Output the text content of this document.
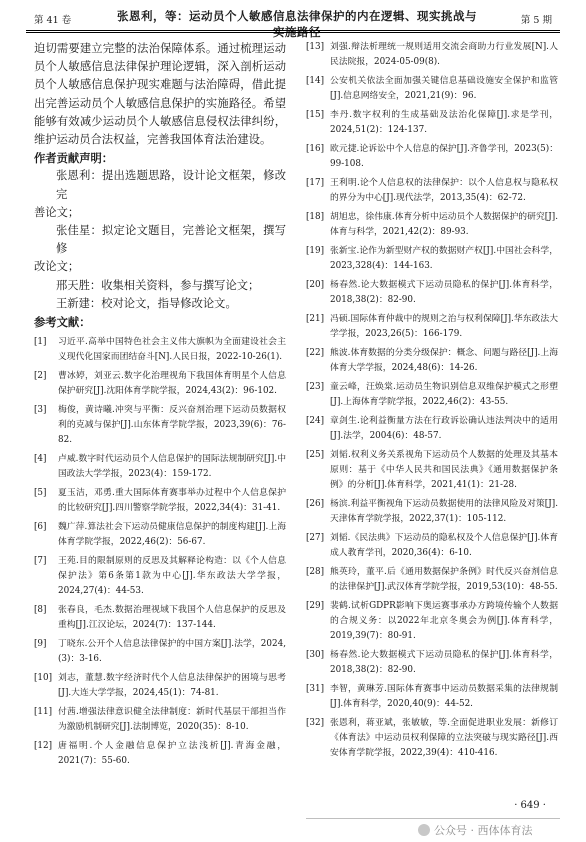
第 41 卷	张恩利，等：运动员个人敏感信息法律保护的内在逻辑、现实挑战与实施路径
第 5 期

迫切需要建立完整的法治保障体系。通过梳理运动员个人敏感信息法律保护理论逻辑，深入剖析运动员个人敏感信息保护现实难题与法治障碍，借此提出完善运动员个人敏感信息保护的实施路径。希望能够有效减少运动员个人敏感信息侵权法律纠纷，维护运动员合法权益，完善我国体育法治建设。

作者贡献声明：

张恩利：提出选题思路，设计论文框架，修改完

善论文；

张佳星：拟定论文题目，完善论文框架，撰写修

改论文；

邢天胜：收集相关资料，参与撰写论文；

王新建：校对论文，指导修改论文。

参考文献：

[1] 习近平.高举中国特色社会主义伟大旗帜为全面建设社会主义现代化国家而团结奋斗[N].人民日报，2022-10-26(1).
[2] 曹冰婷，刘亚云.数字化治理视角下我国体育明星个人信息保护研究[J].沈阳体育学院学报，2024,43(2)：96-102.
[3] 梅俊，黄诗曦.冲突与平衡：反兴奋剂治理下运动员数据权利的克减与保护[J].山东体育学院学报，2023,39(6)：76-82.
[4] 卢威.数字时代运动员个人信息保护的国际法规制研究[J].中国政法大学学报，2023(4)：159-172.
[5] 夏玉洁，邓勇.重大国际体育赛事举办过程中个人信息保护的比较研究[J].四川警察学院学报，2022,34(4)：31-41.
[6] 魏广萍.算法社会下运动员健康信息保护的制度构建[J].上海体育学院学报，2022,46(2)：56-67.
[7] 王苑.目的限制原则的反思及其解释论构造：以《个人信息保护法》第6条第1款为中心[J].华东政法大学学报，2024,27(4)：44-53.
[8] 张春良，毛杰.数据治理视域下我国个人信息保护的反思及重构[J].江汉论坛，2024(7)：137-144.
[9] 丁晓东.公开个人信息法律保护的中国方案[J].法学，2024,(3)：3-16.
[10] 刘志，董慧.数字经济时代个人信息法律保护的困境与思考[J].大连大学学报，2024,45(1)：74-81.
[11] 付茜.增强法律意识健全法律制度：新时代基层干部担当作为激励机制研究[J].法制博览，2020(35)：8-10.
[12] 唐福明.个人金融信息保护立法浅析[J].青海金融，2021(7)：55-60.
[13] 刘强.辩法析理统一规则适用交流会商助力行业发展[N].人民法院报，2024-05-09(8).
[14] 公安机关依法全面加强关键信息基础设施安全保护和监管[J].信息网络安全，2021,21(9)：96.
[15] 李丹.数字权利的生成基础及法治化保障[J].求是学刊，2024,51(2)：124-137.
[16] 欧元捷.论诉讼中个人信息的保护[J].齐鲁学刊，2023(5)：99-108.
[17] 王利明.论个人信息权的法律保护：以个人信息权与隐私权的界分为中心[J].现代法学，2013,35(4)：62-72.
[18] 胡旭忠，徐伟康.体育分析中运动员个人数据保护的研究[J].体育与科学，2021,42(2)：89-93.
[19] 张新宝.论作为新型财产权的数据财产权[J].中国社会科学，2023,328(4)：144-163.
[20] 杨春然.论大数据模式下运动员隐私的保护[J].体育科学，2018,38(2)：82-90.
[21] 冯硕.国际体育仲裁中的规则之治与权利保障[J].华东政法大学学报，2023,26(5)：166-179.
[22] 熊波.体育数据的分类分级保护：概念、问题与路径[J].上海体育大学学报，2024,48(6)：14-26.
[23] 童云峰，汪焕棠.运动员生物识别信息双维保护模式之形塑[J].上海体育学院学报，2022,46(2)：43-55.
[24] 章剑生.论利益衡量方法在行政诉讼确认违法判决中的适用[J].法学，2004(6)：48-57.
[25] 刘韬.权利义务关系视角下运动员个人数据的处理及其基本原则：基于《中华人民共和国民法典》《通用数据保护条例》的分析[J].体育科学，2021,41(1)：21-28.
[26] 杨滨.利益平衡视角下运动员数据使用的法律风险及对策[J].天津体育学院学报，2022,37(1)：105-112.
[27] 刘韬.《民法典》下运动员的隐私权及个人信息保护[J].体育成人教育学刊，2020,36(4)：6-10.
[28] 熊英玲，董平.后《通用数据保护条例》时代反兴奋剂信息的法律保护[J].武汉体育学院学报，2019,53(10)：48-55.
[29] 裴鹤.试析GDPR影响下奥运赛事承办方跨境传输个人数据的合规义务：以2022年北京冬奥会为例[J].体育科学，2019,39(7)：80-91.
[30] 杨春然.论大数据模式下运动员隐私的保护[J].体育科学，2018,38(2)：82-90.
[31] 李智，黄琳芳.国际体育赛事中运动员数据采集的法律规制[J].体育科学，2020,40(9)：44-52.
[32] 张恩利，蒋亚斌，张敏敏，等.全面促进职业发展：新修订《体育法》中运动员权利保障的立法突破与现实路径[J].西安体育学院学报，2022,39(4)：410-416.
· 649 ·
公众号 · 西体体育法
